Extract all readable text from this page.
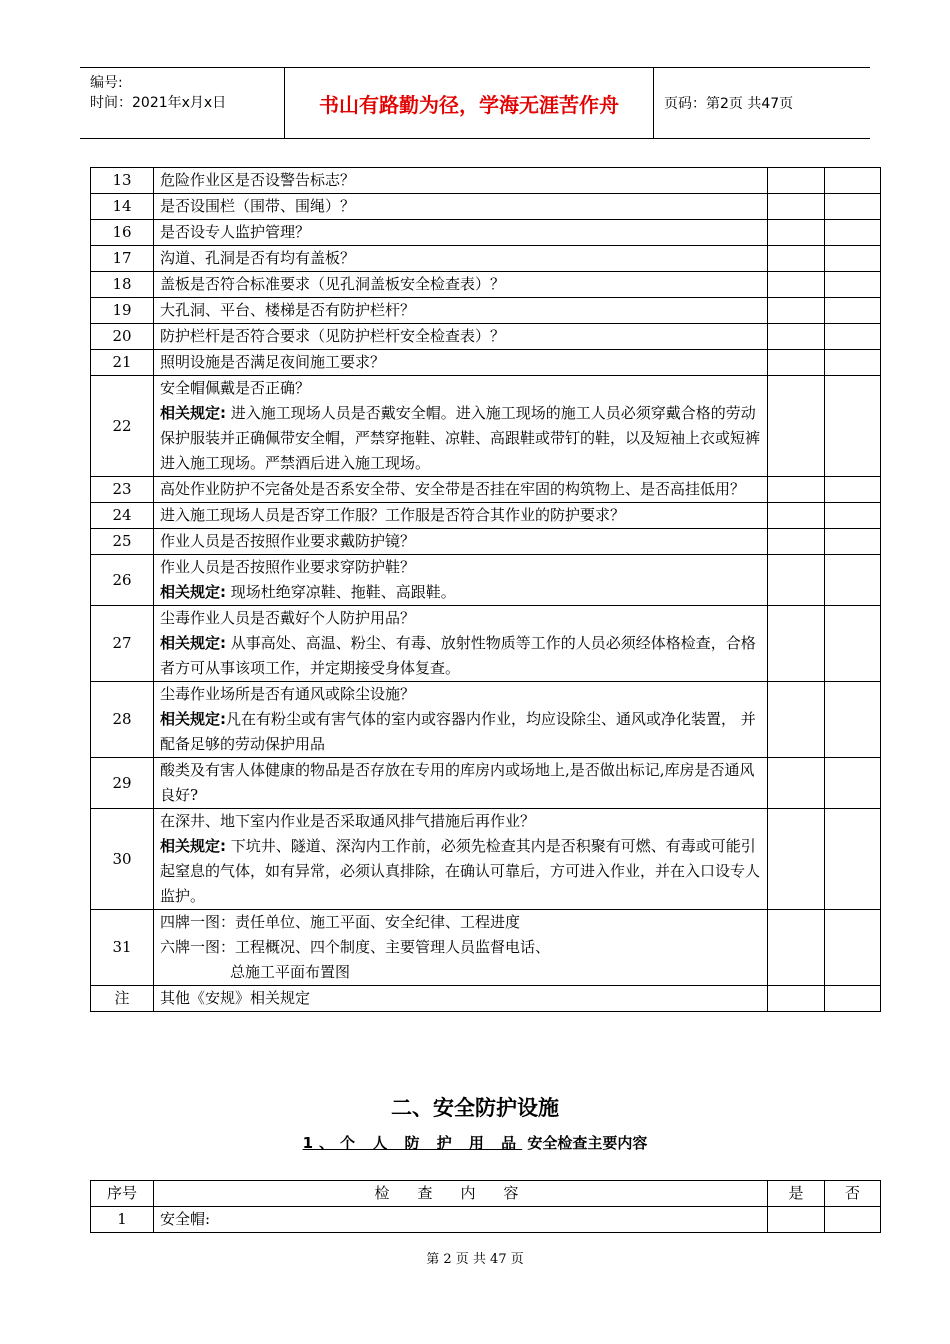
编号:
时间：2021年x月x日	书山有路勤为径，学海无涯苦作舟	页码：第2页 共47页
13	危险作业区是否设警告标志？		
14	是否设围栏（围带、围绳）？		
16	是否设专人监护管理？		
17	沟道、孔洞是否有均有盖板？		
18	盖板是否符合标准要求（见孔洞盖板安全检查表）？		
19	大孔洞、平台、楼梯是否有防护栏杆？		
20	防护栏杆是否符合要求（见防护栏杆安全检查表）？		
21	照明设施是否满足夜间施工要求？		
22	安全帽佩戴是否正确？
相关规定: 进入施工现场人员是否戴安全帽。进入施工现场的施工人员必须穿戴合格的劳动保护服装并正确佩带安全帽，严禁穿拖鞋、凉鞋、高跟鞋或带钉的鞋，以及短袖上衣或短裤进入施工现场。严禁酒后进入施工现场。		

23	高处作业防护不完备处是否系安全带、安全带是否挂在牢固的构筑物上、是否高挂低用？		
24	进入施工现场人员是否穿工作服？工作服是否符合其作业的防护要求？		
25	作业人员是否按照作业要求戴防护镜？		
26	作业人员是否按照作业要求穿防护鞋？
相关规定: 现场杜绝穿凉鞋、拖鞋、高跟鞋。		

27	尘毒作业人员是否戴好个人防护用品？
相关规定: 从事高处、高温、粉尘、有毒、放射性物质等工作的人员必须经体格检查，合格者方可从事该项工作，并定期接受身体复查。		

28	尘毒作业场所是否有通风或除尘设施？
相关规定:凡在有粉尘或有害气体的室内或容器内作业，均应设除尘、通风或净化装置， 并配备足够的劳动保护用品		

29	酸类及有害人体健康的物品是否存放在专用的库房内或场地上,是否做出标记,库房是否通风良好?		
30	在深井、地下室内作业是否采取通风排气措施后再作业？
相关规定: 下坑井、隧道、深沟内工作前，必须先检查其内是否积聚有可燃、有毒或可能引起窒息的气体，如有异常，必须认真排除，在确认可靠后，方可进入作业，并在入口设专人监护。		

31	四牌一图：责任单位、施工平面、安全纪律、工程进度
六牌一图：工程概况、四个制度、主要管理人员监督电话、
总施工平面布置图		

注	其他《安规》相关规定		
二、安全防护设施
1、个 人 防 护 用 品 安全检查主要内容
序号	检查内容	是	否
1	安全帽:		
第 2 页 共 47 页
